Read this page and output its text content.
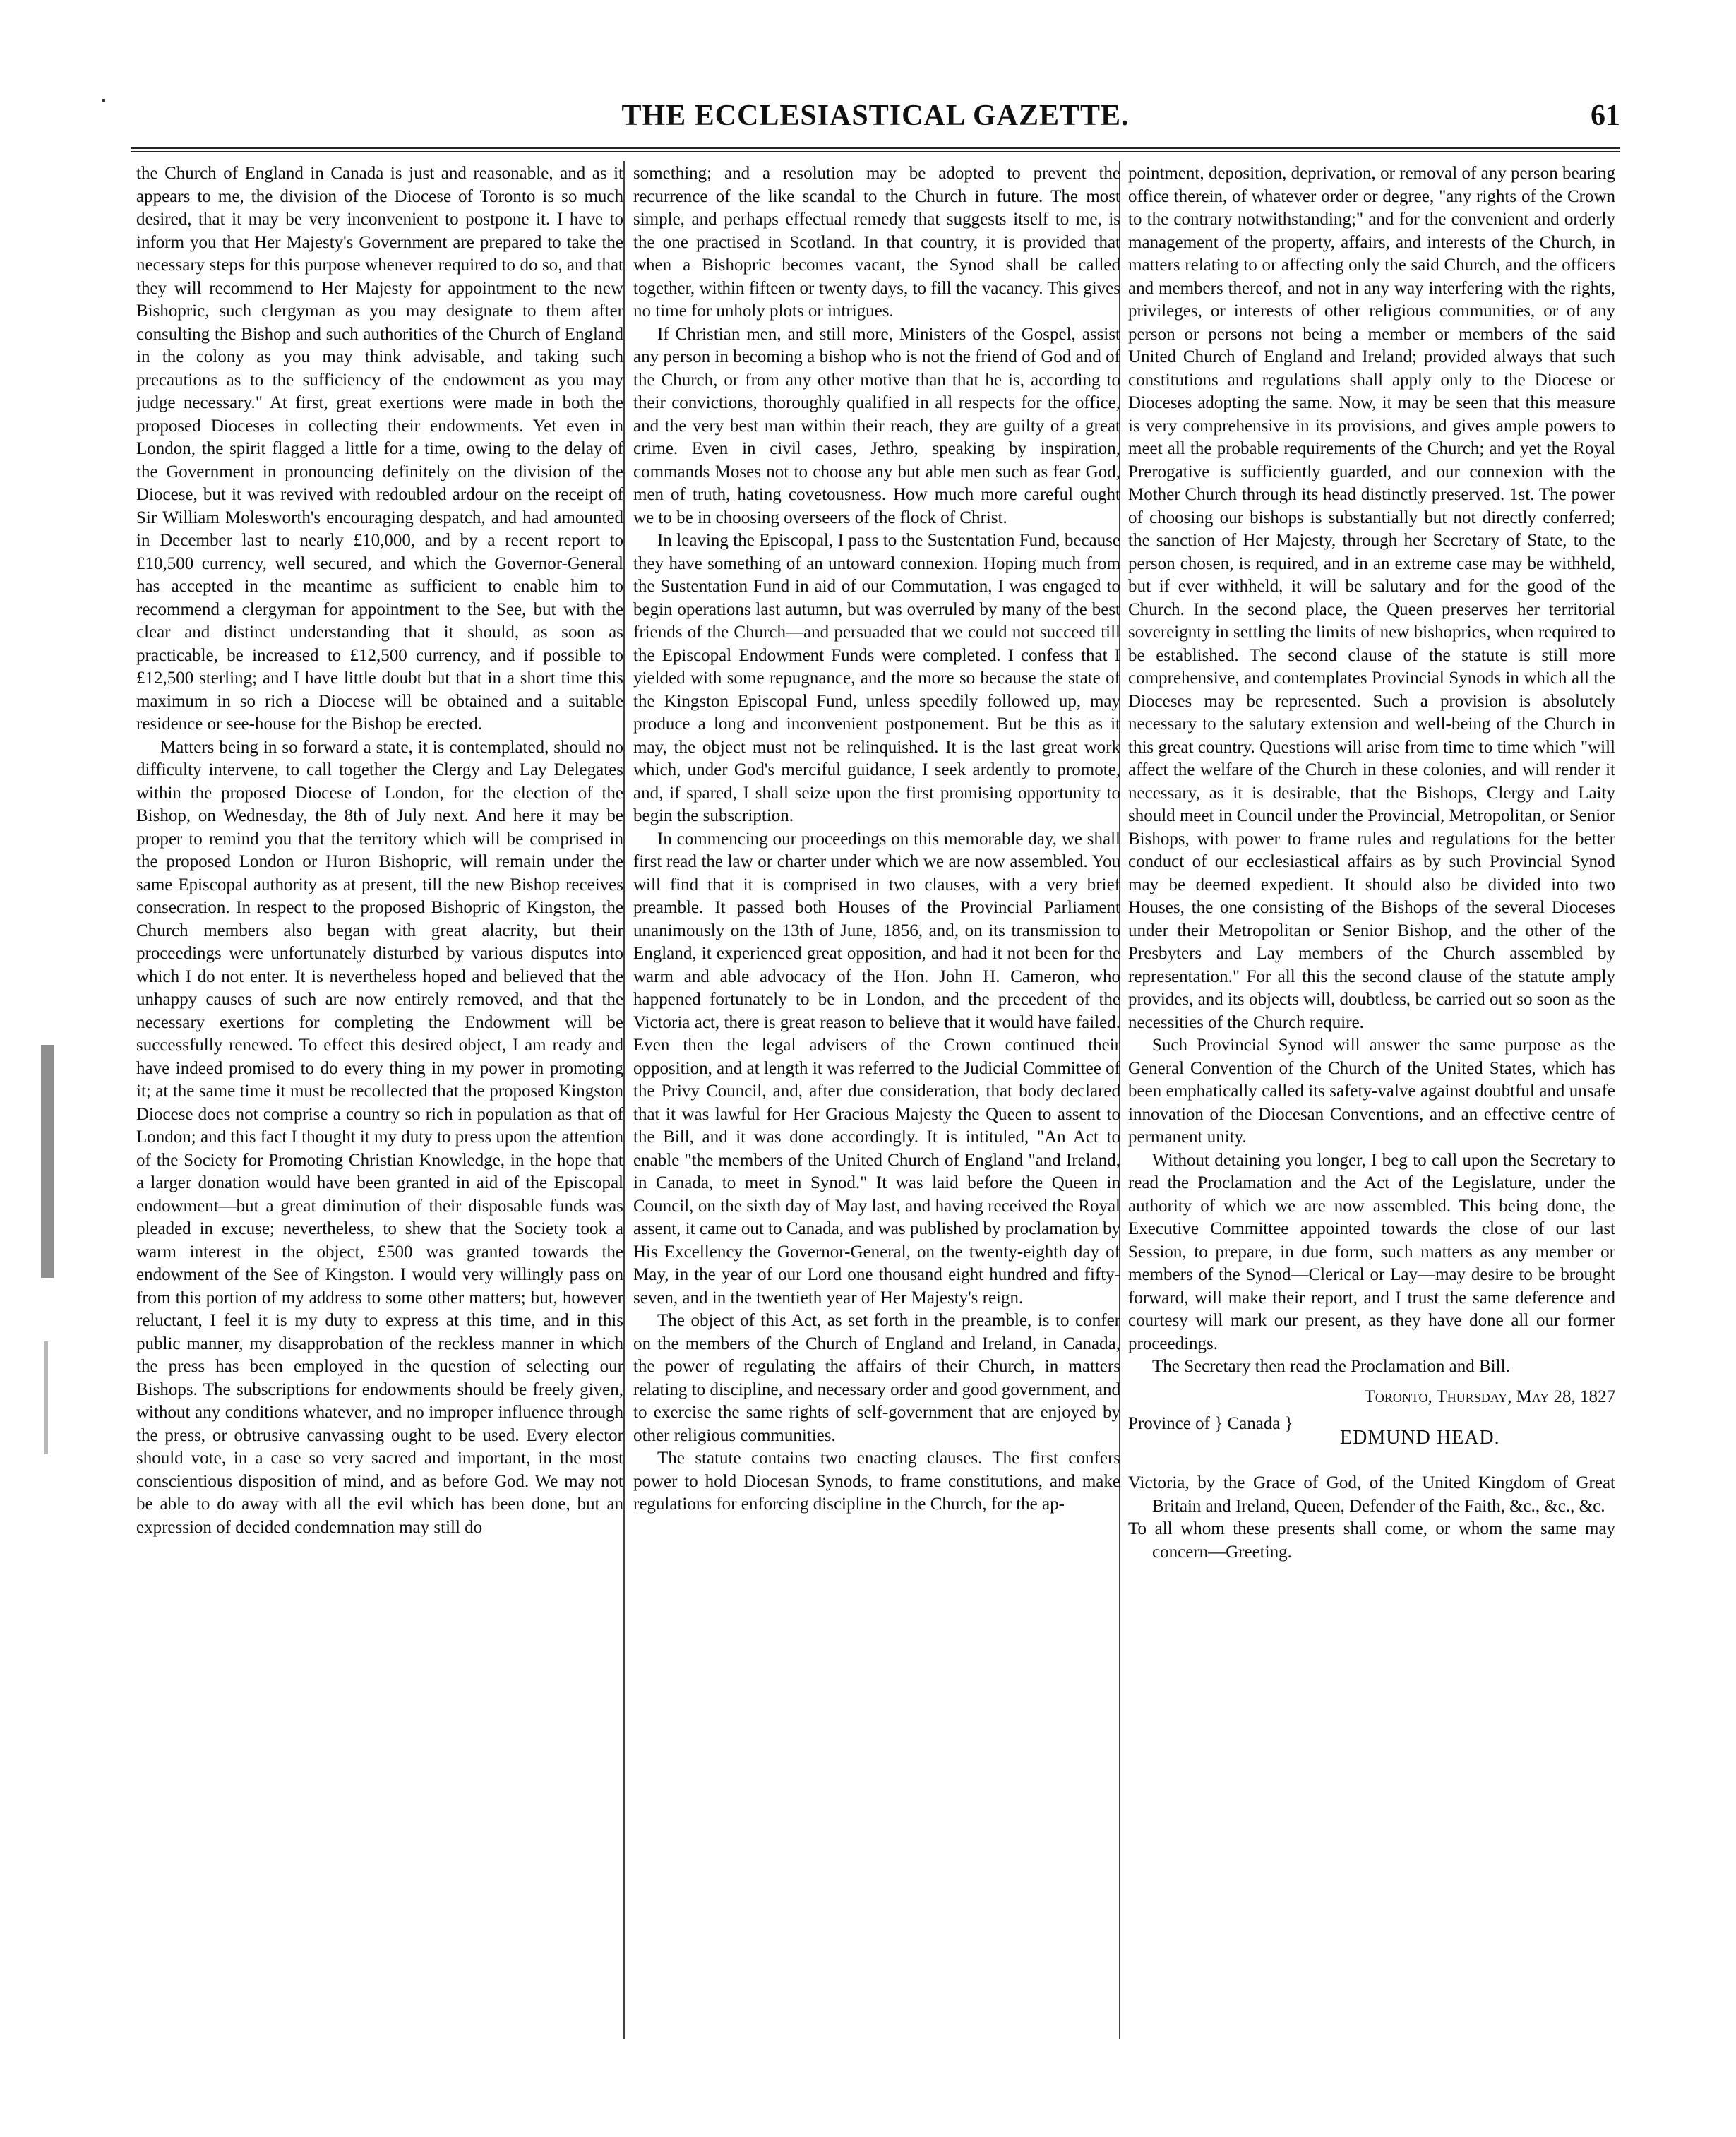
THE ECCLESIASTICAL GAZETTE.	61

the Church of England in Canada is just and reasonable, and as it appears to me, the division of the Diocese of Toronto is so much desired, that it may be very inconvenient to postpone it. I have to inform you that Her Majesty's Government are prepared to take the necessary steps for this purpose whenever required to do so, and that they will recommend to Her Majesty for appointment to the new Bishopric, such clergyman as you may designate to them after consulting the Bishop and such authorities of the Church of England in the colony as you may think advisable, and taking such precautions as to the sufficiency of the endowment as you may judge necessary." At first, great exertions were made in both the proposed Dioceses in collecting their endowments. Yet even in London, the spirit flagged a little for a time, owing to the delay of the Government in pronouncing definitely on the division of the Diocese, but it was revived with redoubled ardour on the receipt of Sir William Molesworth's encouraging despatch, and had amounted in December last to nearly £10,000, and by a recent report to £10,500 currency, well secured, and which the Governor-General has accepted in the meantime as sufficient to enable him to recommend a clergyman for appointment to the See, but with the clear and distinct understanding that it should, as soon as practicable, be increased to £12,500 currency, and if possible to £12,500 sterling; and I have little doubt but that in a short time this maximum in so rich a Diocese will be obtained and a suitable residence or see-house for the Bishop be erected.

Matters being in so forward a state, it is contemplated, should no difficulty intervene, to call together the Clergy and Lay Delegates within the proposed Diocese of London, for the election of the Bishop, on Wednesday, the 8th of July next. And here it may be proper to remind you that the territory which will be comprised in the proposed London or Huron Bishopric, will remain under the same Episcopal authority as at present, till the new Bishop receives consecration. In respect to the proposed Bishopric of Kingston, the Church members also began with great alacrity, but their proceedings were unfortunately disturbed by various disputes into which I do not enter. It is nevertheless hoped and believed that the unhappy causes of such are now entirely removed, and that the necessary exertions for completing the Endowment will be successfully renewed. To effect this desired object, I am ready and have indeed promised to do every thing in my power in promoting it; at the same time it must be recollected that the proposed Kingston Diocese does not comprise a country so rich in population as that of London; and this fact I thought it my duty to press upon the attention of the Society for Promoting Christian Knowledge, in the hope that a larger donation would have been granted in aid of the Episcopal endowment—but a great diminution of their disposable funds was pleaded in excuse; nevertheless, to shew that the Society took a warm interest in the object, £500 was granted towards the endowment of the See of Kingston. I would very willingly pass on from this portion of my address to some other matters; but, however reluctant, I feel it is my duty to express at this time, and in this public manner, my disapprobation of the reckless manner in which the press has been employed in the question of selecting our Bishops. The subscriptions for endowments should be freely given, without any conditions whatever, and no improper influence through the press, or obtrusive canvassing ought to be used. Every elector should vote, in a case so very sacred and important, in the most conscientious disposition of mind, and as before God. We may not be able to do away with all the evil which has been done, but an expression of decided condemnation may still do

something; and a resolution may be adopted to prevent the recurrence of the like scandal to the Church in future. The most simple, and perhaps effectual remedy that suggests itself to me, is the one practised in Scotland. In that country, it is provided that when a Bishopric becomes vacant, the Synod shall be called together, within fifteen or twenty days, to fill the vacancy. This gives no time for unholy plots or intrigues.

If Christian men, and still more, Ministers of the Gospel, assist any person in becoming a bishop who is not the friend of God and of the Church, or from any other motive than that he is, according to their convictions, thoroughly qualified in all respects for the office, and the very best man within their reach, they are guilty of a great crime. Even in civil cases, Jethro, speaking by inspiration, commands Moses not to choose any but able men such as fear God, men of truth, hating covetousness. How much more careful ought we to be in choosing overseers of the flock of Christ.

In leaving the Episcopal, I pass to the Sustentation Fund, because they have something of an untoward connexion. Hoping much from the Sustentation Fund in aid of our Commutation, I was engaged to begin operations last autumn, but was overruled by many of the best friends of the Church—and persuaded that we could not succeed till the Episcopal Endowment Funds were completed. I confess that I yielded with some repugnance, and the more so because the state of the Kingston Episcopal Fund, unless speedily followed up, may produce a long and inconvenient postponement. But be this as it may, the object must not be relinquished. It is the last great work which, under God's merciful guidance, I seek ardently to promote, and, if spared, I shall seize upon the first promising opportunity to begin the subscription.

In commencing our proceedings on this memorable day, we shall first read the law or charter under which we are now assembled. You will find that it is comprised in two clauses, with a very brief preamble. It passed both Houses of the Provincial Parliament unanimously on the 13th of June, 1856, and, on its transmission to England, it experienced great opposition, and had it not been for the warm and able advocacy of the Hon. John H. Cameron, who happened fortunately to be in London, and the precedent of the Victoria act, there is great reason to believe that it would have failed. Even then the legal advisers of the Crown continued their opposition, and at length it was referred to the Judicial Committee of the Privy Council, and, after due consideration, that body declared that it was lawful for Her Gracious Majesty the Queen to assent to the Bill, and it was done accordingly. It is intituled, "An Act to enable "the members of the United Church of England "and Ireland, in Canada, to meet in Synod." It was laid before the Queen in Council, on the sixth day of May last, and having received the Royal assent, it came out to Canada, and was published by proclamation by His Excellency the Governor-General, on the twenty-eighth day of May, in the year of our Lord one thousand eight hundred and fifty-seven, and in the twentieth year of Her Majesty's reign.

The object of this Act, as set forth in the preamble, is to confer on the members of the Church of England and Ireland, in Canada, the power of regulating the affairs of their Church, in matters relating to discipline, and necessary order and good government, and to exercise the same rights of self-government that are enjoyed by other religious communities.

The statute contains two enacting clauses. The first confers power to hold Diocesan Synods, to frame constitutions, and make regulations for enforcing discipline in the Church, for the ap-

pointment, deposition, deprivation, or removal of any person bearing office therein, of whatever order or degree, "any rights of the Crown to the contrary notwithstanding;" and for the convenient and orderly management of the property, affairs, and interests of the Church, in matters relating to or affecting only the said Church, and the officers and members thereof, and not in any way interfering with the rights, privileges, or interests of other religious communities, or of any person or persons not being a member or members of the said United Church of England and Ireland; provided always that such constitutions and regulations shall apply only to the Diocese or Dioceses adopting the same. Now, it may be seen that this measure is very comprehensive in its provisions, and gives ample powers to meet all the probable requirements of the Church; and yet the Royal Prerogative is sufficiently guarded, and our connexion with the Mother Church through its head distinctly preserved. 1st. The power of choosing our bishops is substantially but not directly conferred; the sanction of Her Majesty, through her Secretary of State, to the person chosen, is required, and in an extreme case may be withheld, but if ever withheld, it will be salutary and for the good of the Church. In the second place, the Queen preserves her territorial sovereignty in settling the limits of new bishoprics, when required to be established. The second clause of the statute is still more comprehensive, and contemplates Provincial Synods in which all the Dioceses may be represented. Such a provision is absolutely necessary to the salutary extension and well-being of the Church in this great country. Questions will arise from time to time which "will affect the welfare of the Church in these colonies, and will render it necessary, as it is desirable, that the Bishops, Clergy and Laity should meet in Council under the Provincial, Metropolitan, or Senior Bishops, with power to frame rules and regulations for the better conduct of our ecclesiastical affairs as by such Provincial Synod may be deemed expedient. It should also be divided into two Houses, the one consisting of the Bishops of the several Dioceses under their Metropolitan or Senior Bishop, and the other of the Presbyters and Lay members of the Church assembled by representation." For all this the second clause of the statute amply provides, and its objects will, doubtless, be carried out so soon as the necessities of the Church require.

Such Provincial Synod will answer the same purpose as the General Convention of the Church of the United States, which has been emphatically called its safety-valve against doubtful and unsafe innovation of the Diocesan Conventions, and an effective centre of permanent unity.

Without detaining you longer, I beg to call upon the Secretary to read the Proclamation and the Act of the Legislature, under the authority of which we are now assembled. This being done, the Executive Committee appointed towards the close of our last Session, to prepare, in due form, such matters as any member or members of the Synod—Clerical or Lay—may desire to be brought forward, will make their report, and I trust the same deference and courtesy will mark our present, as they have done all our former proceedings.

The Secretary then read the Proclamation and Bill.

Toronto, Thursday, May 28, 1827

Province of } Canada }

EDMUND HEAD.

Victoria, by the Grace of God, of the United Kingdom of Great Britain and Ireland, Queen, Defender of the Faith, &c., &c., &c.

To all whom these presents shall come, or whom the same may concern—Greeting.
